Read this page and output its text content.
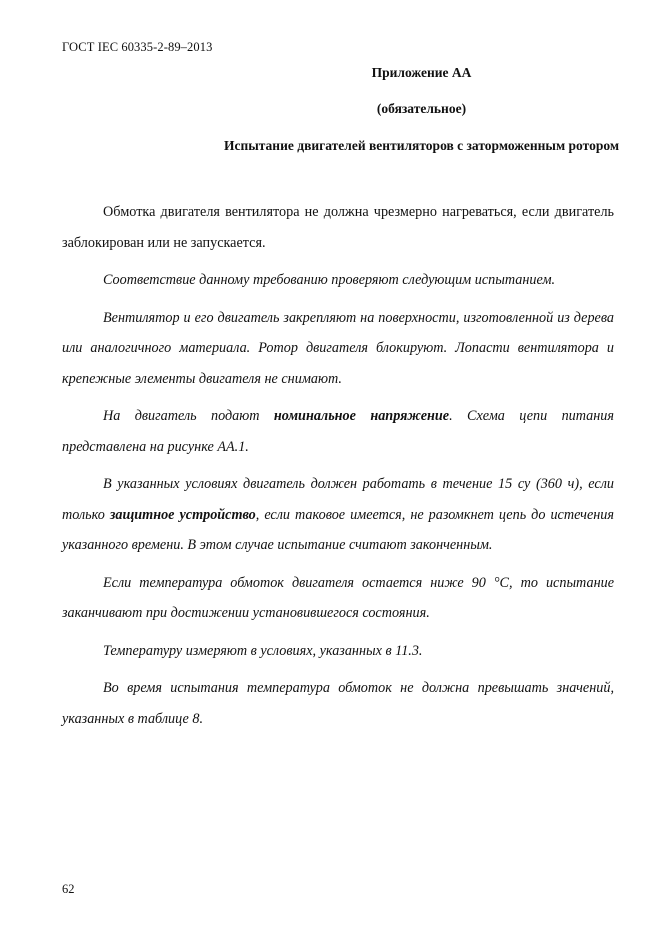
ГОСТ IEC 60335-2-89–2013
Приложение АА
(обязательное)
Испытание двигателей вентиляторов с заторможенным ротором

Обмотка двигателя вентилятора не должна чрезмерно нагреваться, если двигатель заблокирован или не запускается.

Соответствие данному требованию проверяют следующим испытанием.

Вентилятор и его двигатель закрепляют на поверхности, изготовленной из дерева или аналогичного материала. Ротор двигателя блокируют. Лопасти вентилятора и крепежные элементы двигателя не снимают.

На двигатель подают номинальное напряжение. Схема цепи питания представлена на рисунке АА.1.

В указанных условиях двигатель должен работать в течение 15 су (360 ч), если только защитное устройство, если таковое имеется, не разомкнет цепь до истечения указанного времени. В этом случае испытание считают законченным.

Если температура обмоток двигателя остается ниже 90 °С, то испытание заканчивают при достижении установившегося состояния.

Температуру измеряют в условиях, указанных в 11.3.

Во время испытания температура обмоток не должна превышать значений, указанных в таблице 8.

62
